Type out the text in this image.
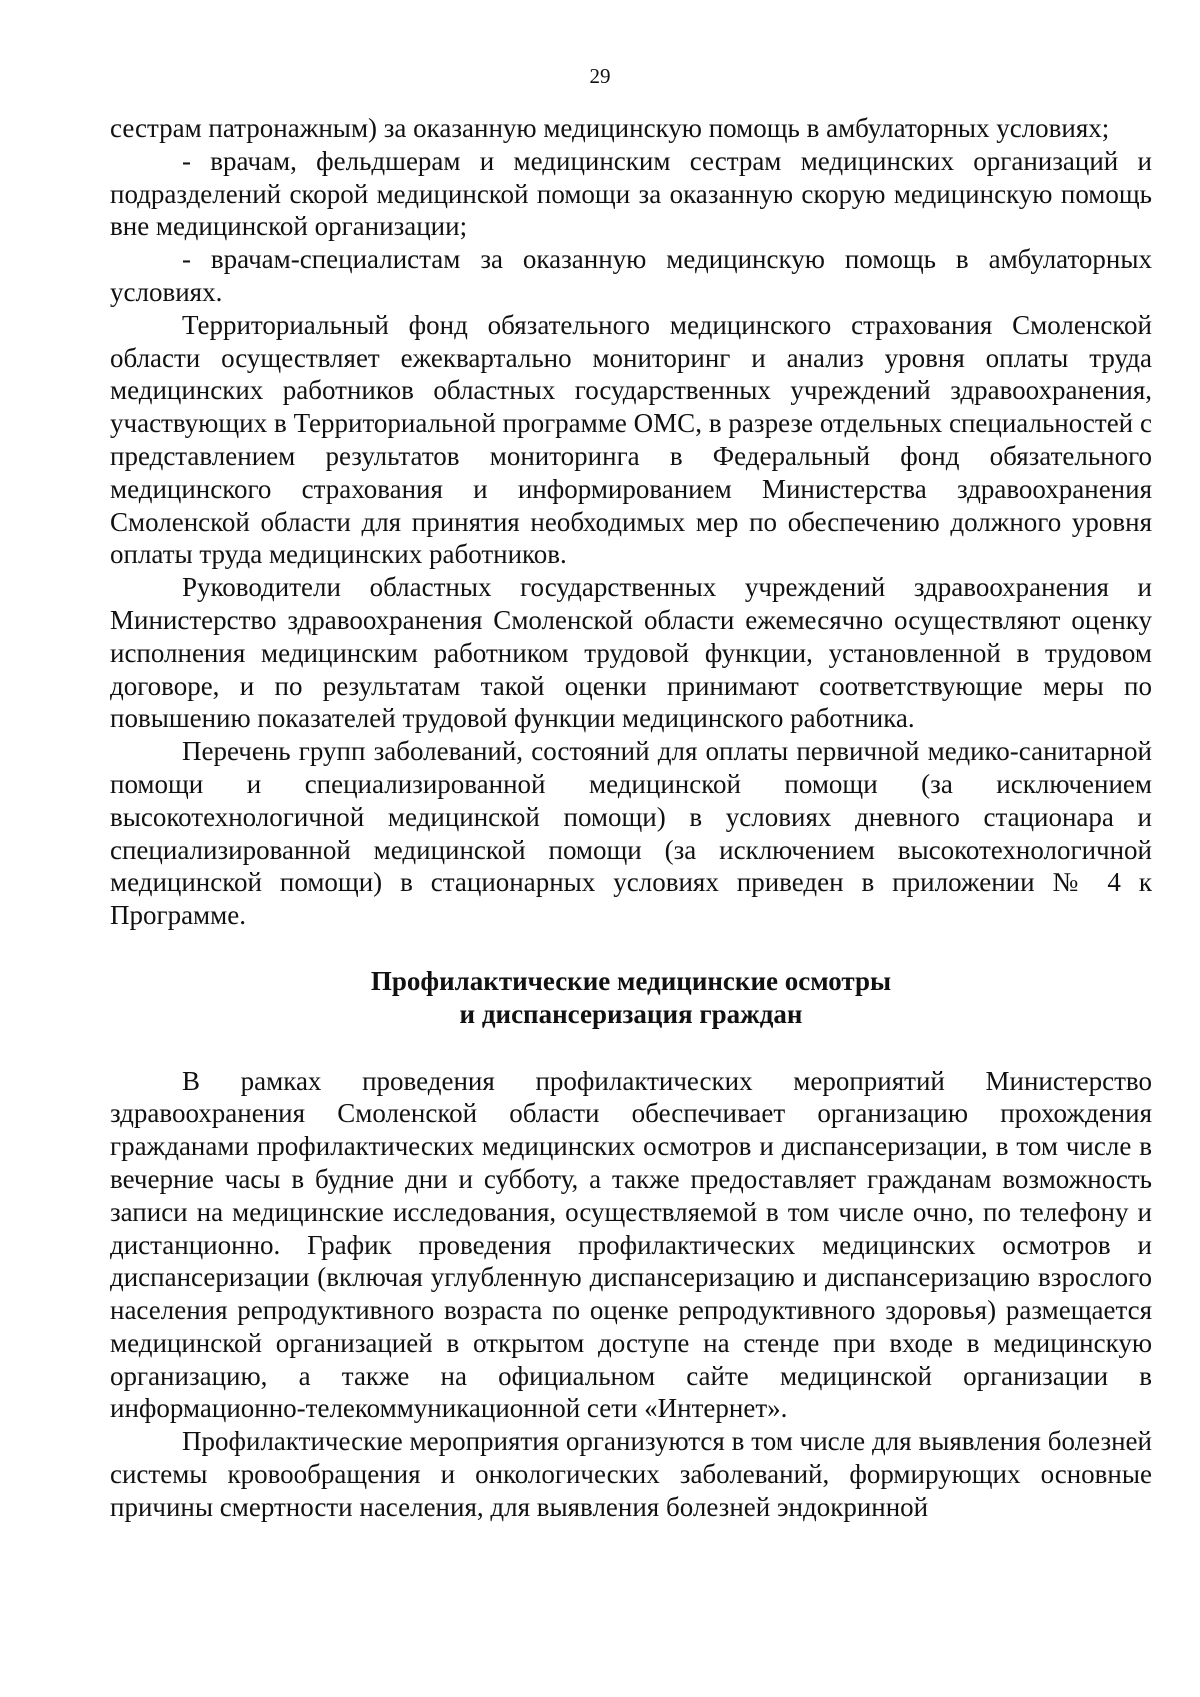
29

сестрам патронажным) за оказанную медицинскую помощь в амбулаторных условиях;

- врачам, фельдшерам и медицинским сестрам медицинских организаций и подразделений скорой медицинской помощи за оказанную скорую медицинскую помощь вне медицинской организации;

- врачам-специалистам за оказанную медицинскую помощь в амбулаторных условиях.

Территориальный фонд обязательного медицинского страхования Смоленской области осуществляет ежеквартально мониторинг и анализ уровня оплаты труда медицинских работников областных государственных учреждений здравоохранения, участвующих в Территориальной программе ОМС, в разрезе отдельных специальностей с представлением результатов мониторинга в Федеральный фонд обязательного медицинского страхования и информированием Министерства здравоохранения Смоленской области для принятия необходимых мер по обеспечению должного уровня оплаты труда медицинских работников.

Руководители областных государственных учреждений здравоохранения и Министерство здравоохранения Смоленской области ежемесячно осуществляют оценку исполнения медицинским работником трудовой функции, установленной в трудовом договоре, и по результатам такой оценки принимают соответствующие меры по повышению показателей трудовой функции медицинского работника.

Перечень групп заболеваний, состояний для оплаты первичной медико-санитарной помощи и специализированной медицинской помощи (за исключением высокотехнологичной медицинской помощи) в условиях дневного стационара и специализированной медицинской помощи (за исключением высокотехнологичной медицинской помощи) в стационарных условиях приведен в приложении № 4 к Программе.

Профилактические медицинские осмотры
и диспансеризация граждан

В рамках проведения профилактических мероприятий Министерство здравоохранения Смоленской области обеспечивает организацию прохождения гражданами профилактических медицинских осмотров и диспансеризации, в том числе в вечерние часы в будние дни и субботу, а также предоставляет гражданам возможность записи на медицинские исследования, осуществляемой в том числе очно, по телефону и дистанционно. График проведения профилактических медицинских осмотров и диспансеризации (включая углубленную диспансеризацию и диспансеризацию взрослого населения репродуктивного возраста по оценке репродуктивного здоровья) размещается медицинской организацией в открытом доступе на стенде при входе в медицинскую организацию, а также на официальном сайте медицинской организации в информационно-телекоммуникационной сети «Интернет».

Профилактические мероприятия организуются в том числе для выявления болезней системы кровообращения и онкологических заболеваний, формирующих основные причины смертности населения, для выявления болезней эндокринной
